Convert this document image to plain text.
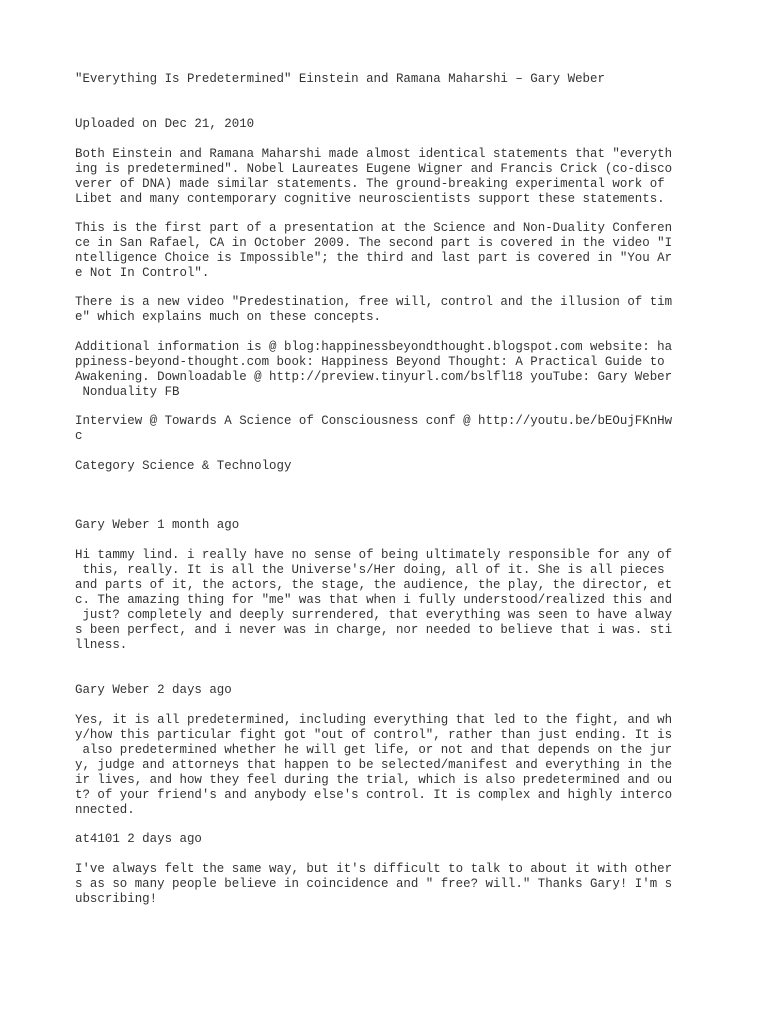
"Everything Is Predetermined" Einstein and Ramana Maharshi – Gary Weber
Uploaded on Dec 21, 2010
Both Einstein and Ramana Maharshi made almost identical statements that "everyth
ing is predetermined". Nobel Laureates Eugene Wigner and Francis Crick (co-disco
verer of DNA) made similar statements. The ground-breaking experimental work of
Libet and many contemporary cognitive neuroscientists support these statements.
This is the first part of a presentation at the Science and Non-Duality Conferen
ce in San Rafael, CA in October 2009. The second part is covered in the video "I
ntelligence Choice is Impossible"; the third and last part is covered in "You Ar
e Not In Control".
There is a new video "Predestination, free will, control and the illusion of tim
e" which explains much on these concepts.
Additional information is @ blog:happinessbeyondthought.blogspot.com website: ha
ppiness-beyond-thought.com book: Happiness Beyond Thought: A Practical Guide to
Awakening. Downloadable @ http://preview.tinyurl.com/bslfl18 youTube: Gary Weber
Nonduality FB
Interview @ Towards A Science of Consciousness conf @ http://youtu.be/bEOujFKnHw
c
Category Science & Technology
Gary Weber 1 month ago
Hi tammy lind. i really have no sense of being ultimately responsible for any of
this, really. It is all the Universe's/Her doing, all of it. She is all pieces
and parts of it, the actors, the stage, the audience, the play, the director, et
c. The amazing thing for "me" was that when i fully understood/realized this and
just? completely and deeply surrendered, that everything was seen to have alway
s been perfect, and i never was in charge, nor needed to believe that i was. sti
llness.
Gary Weber 2 days ago
Yes, it is all predetermined, including everything that led to the fight, and wh
y/how this particular fight got "out of control", rather than just ending. It is
also predetermined whether he will get life, or not and that depends on the jur
y, judge and attorneys that happen to be selected/manifest and everything in the
ir lives, and how they feel during the trial, which is also predetermined and ou
t? of your friend's and anybody else's control. It is complex and highly interco
nnected.
at4101 2 days ago
I've always felt the same way, but it's difficult to talk to about it with other
s as so many people believe in coincidence and " free? will." Thanks Gary! I'm s
ubscribing!
